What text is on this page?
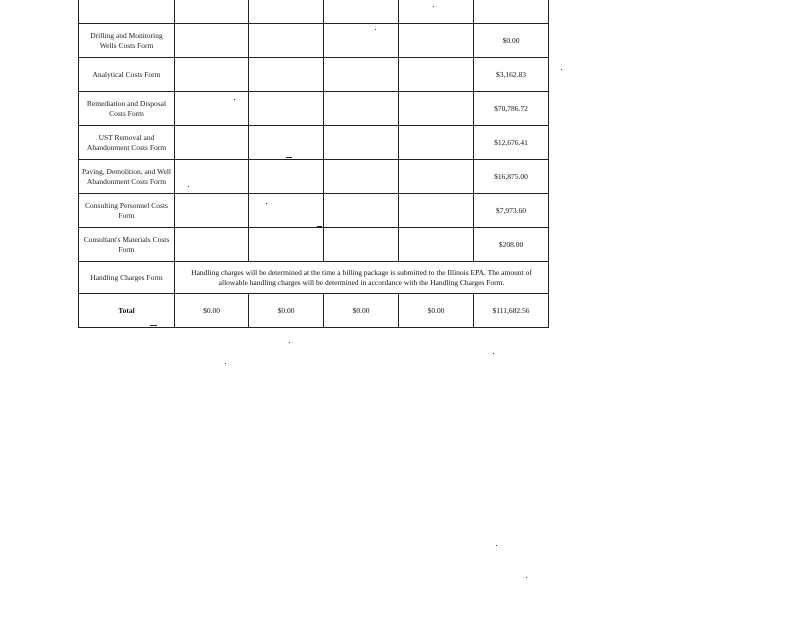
Drilling and Monitoring Wells Costs Form					$0.00
Analytical Costs Form					$3,162.83
Remediation and Disposal Costs Form					$70,786.72
UST Removal and Abandonment Costs Form					$12,676.41
Paving, Demolition, and Well Abandonment Costs Form					$16,875.00
Consulting Personnel Costs Form					$7,973.60
Consultant's Materials Costs Form					$208.00
Handling Charges Form	Handling charges will be determined at the time a billing package is submitted to the Illinois EPA. The amount of allowable handling charges will be determined in accordance with the Handling Charges Form.				
Total	$0.00	$0.00	$0.00	$0.00	$111,682.56
